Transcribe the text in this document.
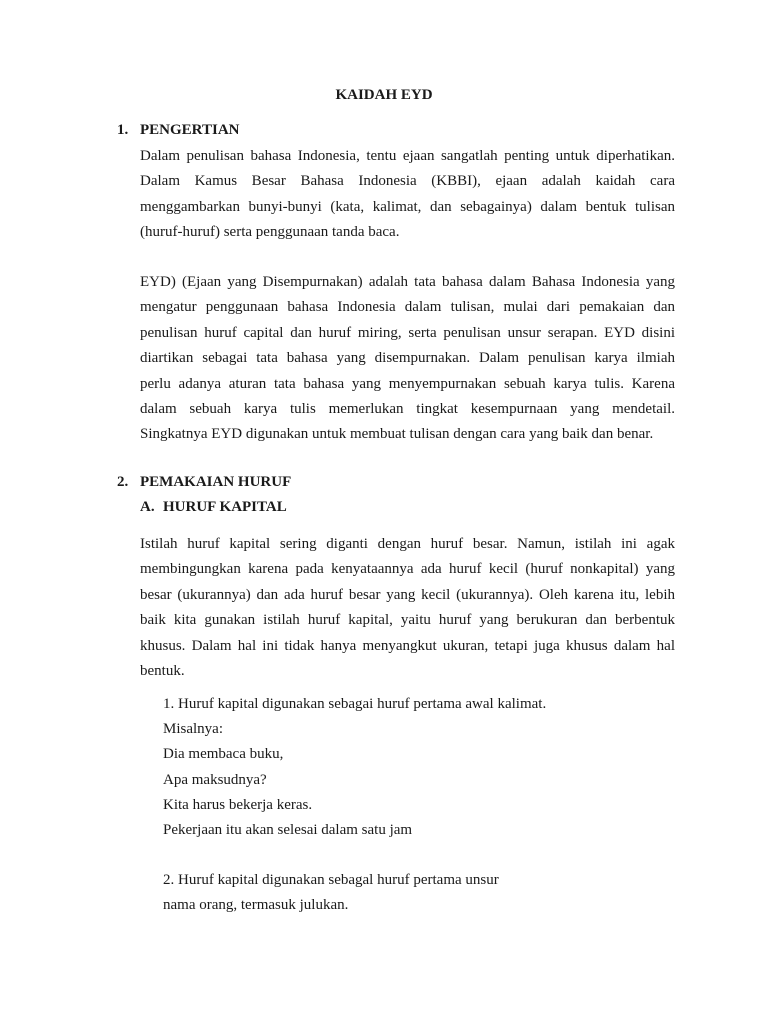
KAIDAH EYD
1. PENGERTIAN
Dalam penulisan bahasa Indonesia, tentu ejaan sangatlah penting untuk diperhatikan.
Dalam Kamus Besar Bahasa Indonesia (KBBI), ejaan adalah kaidah cara
menggambarkan bunyi-bunyi (kata, kalimat, dan sebagainya) dalam bentuk tulisan
(huruf-huruf) serta penggunaan tanda baca.
EYD) (Ejaan yang Disempurnakan) adalah tata bahasa dalam Bahasa Indonesia yang
mengatur penggunaan bahasa Indonesia dalam tulisan, mulai dari pemakaian dan
penulisan huruf capital dan huruf miring, serta penulisan unsur serapan. EYD disini
diartikan sebagai tata bahasa yang disempurnakan. Dalam penulisan karya ilmiah
perlu adanya aturan tata bahasa yang menyempurnakan sebuah karya tulis. Karena
dalam sebuah karya tulis memerlukan tingkat kesempurnaan yang mendetail.
Singkatnya EYD digunakan untuk membuat tulisan dengan cara yang baik dan benar.
2. PEMAKAIAN HURUF
A. HURUF KAPITAL
Istilah huruf kapital sering diganti dengan huruf besar. Namun, istilah ini agak
membingungkan karena pada kenyataannya ada huruf kecil (huruf nonkapital) yang
besar (ukurannya) dan ada huruf besar yang kecil (ukurannya). Oleh karena itu, lebih
baik kita gunakan istilah huruf kapital, yaitu huruf yang berukuran dan berbentuk
khusus. Dalam hal ini tidak hanya menyangkut ukuran, tetapi juga khusus dalam hal
bentuk.
1. Huruf kapital digunakan sebagai huruf pertama awal kalimat.
Misalnya:
Dia membaca buku,
Apa maksudnya?
Kita harus bekerja keras.
Pekerjaan itu akan selesai dalam satu jam
2. Huruf kapital digunakan sebagal huruf pertama unsur
nama orang, termasuk julukan.
